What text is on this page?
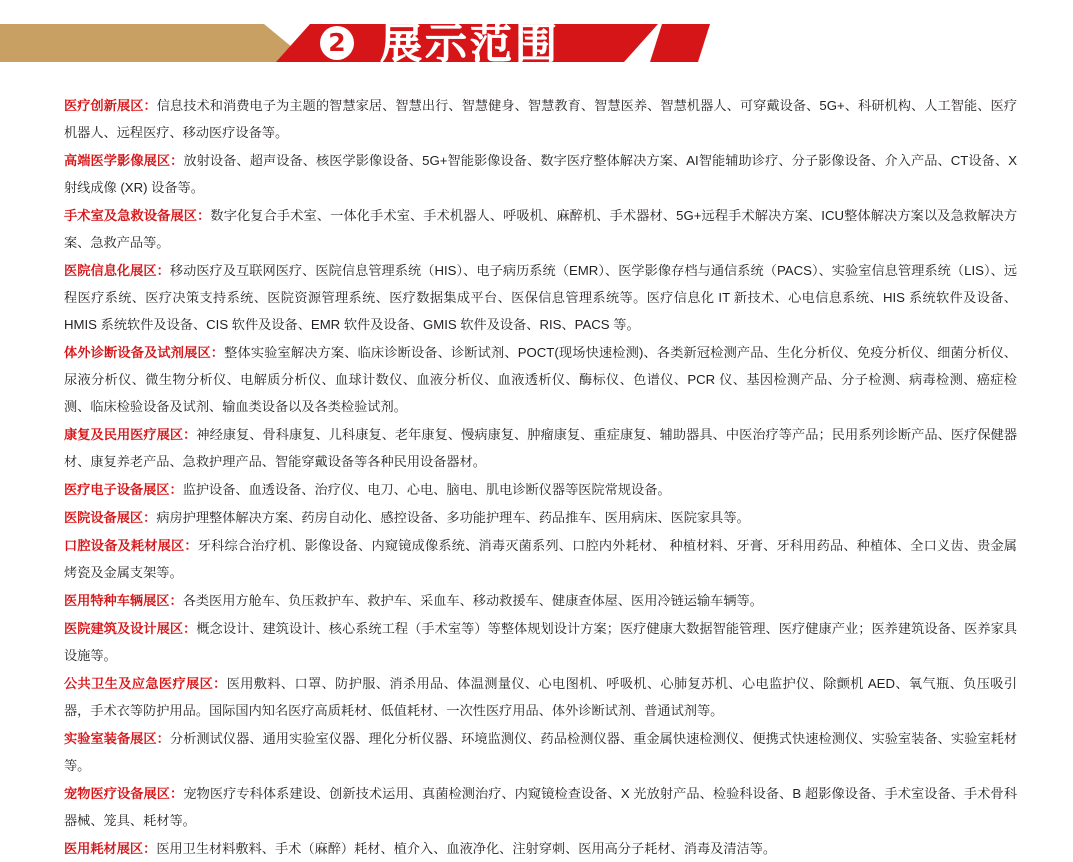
2 展示范围

医疗创新展区：信息技术和消费电子为主题的智慧家居、智慧出行、智慧健身、智慧教育、智慧医养、智慧机器人、可穿戴设备、5G+、科研机构、人工智能、医疗机器人、远程医疗、移动医疗设备等。

高端医学影像展区：放射设备、超声设备、核医学影像设备、5G+智能影像设备、数字医疗整体解决方案、AI智能辅助诊疗、分子影像设备、介入产品、CT设备、X射线成像 (XR) 设备等。

手术室及急救设备展区：数字化复合手术室、一体化手术室、手术机器人、呼吸机、麻醉机、手术器材、5G+远程手术解决方案、ICU整体解决方案以及急救解决方案、急救产品等。

医院信息化展区：移动医疗及互联网医疗、医院信息管理系统（HIS）、电子病历系统（EMR）、医学影像存档与通信系统（PACS）、实验室信息管理系统（LIS）、远程医疗系统、医疗决策支持系统、医院资源管理系统、医疗数据集成平台、医保信息管理系统等。医疗信息化 IT 新技术、心电信息系统、HIS 系统软件及设备、HMIS 系统软件及设备、CIS 软件及设备、EMR 软件及设备、GMIS 软件及设备、RIS、PACS 等。

体外诊断设备及试剂展区：整体实验室解决方案、临床诊断设备、诊断试剂、POCT(现场快速检测)、各类新冠检测产品、生化分析仪、免疫分析仪、细菌分析仪、尿液分析仪、微生物分析仪、电解质分析仪、血球计数仪、血液分析仪、血液透析仪、酶标仪、色谱仪、PCR 仪、基因检测产品、分子检测、病毒检测、癌症检测、临床检验设备及试剂、输血类设备以及各类检验试剂。

康复及民用医疗展区：神经康复、骨科康复、儿科康复、老年康复、慢病康复、肿瘤康复、重症康复、辅助器具、中医治疗等产品；民用系列诊断产品、医疗保健器材、康复养老产品、急救护理产品、智能穿戴设备等各种民用设备器材。

医疗电子设备展区：监护设备、血透设备、治疗仪、电刀、心电、脑电、肌电诊断仪器等医院常规设备。

医院设备展区：病房护理整体解决方案、药房自动化、感控设备、多功能护理车、药品推车、医用病床、医院家具等。

口腔设备及耗材展区：牙科综合治疗机、影像设备、内窥镜成像系统、消毒灭菌系列、口腔内外耗材、 种植材料、牙膏、牙科用药品、种植体、全口义齿、贵金属烤瓷及金属支架等。

医用特种车辆展区：各类医用方舱车、负压救护车、救护车、采血车、移动救援车、健康查体屋、医用冷链运输车辆等。

医院建筑及设计展区：概念设计、建筑设计、核心系统工程（手术室等）等整体规划设计方案；医疗健康大数据智能管理、医疗健康产业；医养建筑设备、医养家具设施等。

公共卫生及应急医疗展区：医用敷料、口罩、防护服、消杀用品、体温测量仪、心电图机、呼吸机、心肺复苏机、心电监护仪、除颤机 AED、氧气瓶、负压吸引器，手术衣等防护用品。国际国内知名医疗高质耗材、低值耗材、一次性医疗用品、体外诊断试剂、普通试剂等。

实验室装备展区：分析测试仪器、通用实验室仪器、理化分析仪器、环境监测仪、药品检测仪器、重金属快速检测仪、便携式快速检测仪、实验室装备、实验室耗材等。

宠物医疗设备展区：宠物医疗专科体系建设、创新技术运用、真菌检测治疗、内窥镜检查设备、X 光放射产品、检验科设备、B 超影像设备、手术室设备、手术骨科器械、笼具、耗材等。

医用耗材展区：医用卫生材料敷料、手术（麻醉）耗材、植介入、血液净化、注射穿刺、医用高分子耗材、消毒及清洁等。
